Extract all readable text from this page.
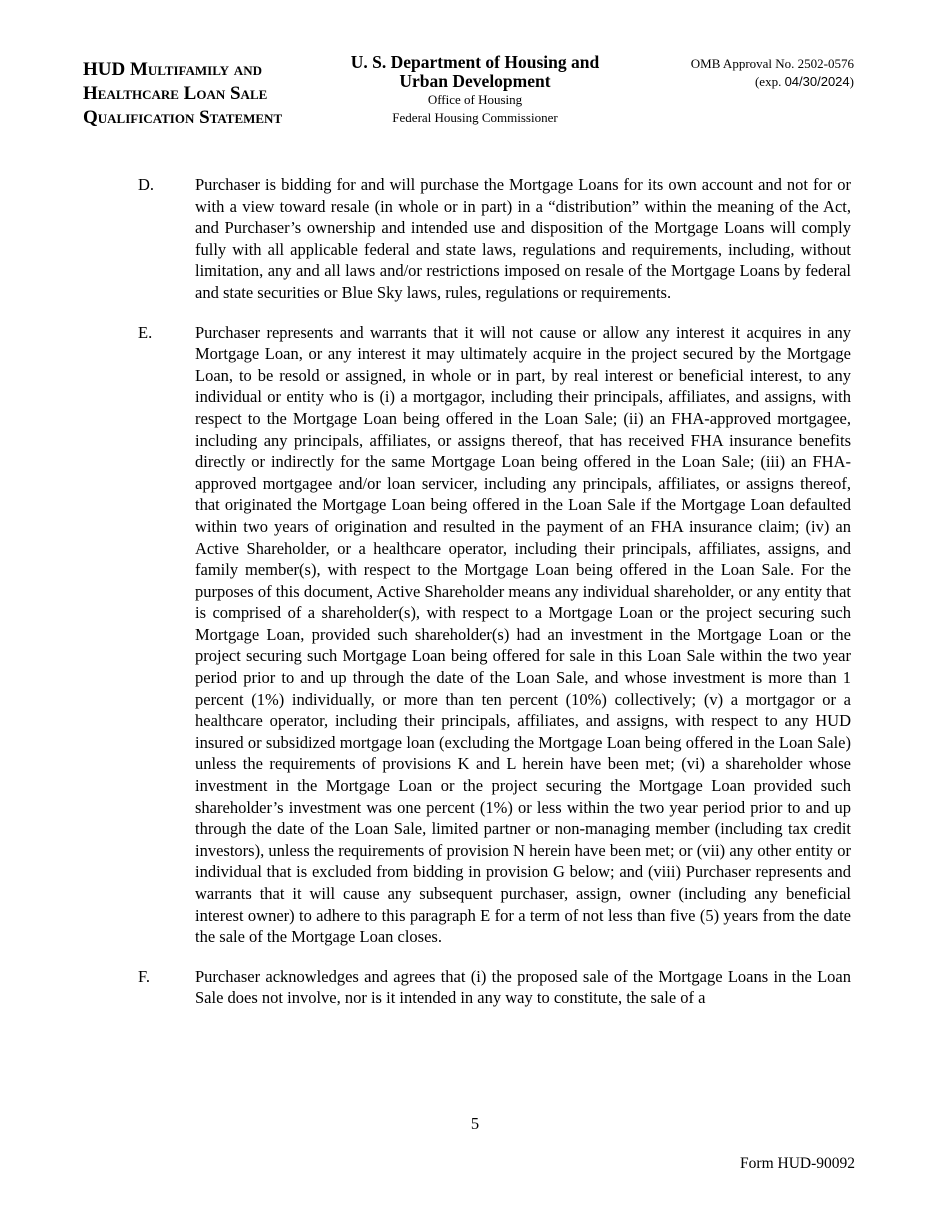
HUD Multifamily and
Healthcare Loan Sale
Qualification Statement
U. S. Department of Housing and
Urban Development
Office of Housing
Federal Housing Commissioner
OMB Approval No. 2502-0576
(exp. 04/30/2024)
D.	Purchaser is bidding for and will purchase the Mortgage Loans for its own account and not for or with a view toward resale (in whole or in part) in a “distribution” within the meaning of the Act, and Purchaser’s ownership and intended use and disposition of the Mortgage Loans will comply fully with all applicable federal and state laws, regulations and requirements, including, without limitation, any and all laws and/or restrictions imposed on resale of the Mortgage Loans by federal and state securities or Blue Sky laws, rules, regulations or requirements.
E.	Purchaser represents and warrants that it will not cause or allow any interest it acquires in any Mortgage Loan, or any interest it may ultimately acquire in the project secured by the Mortgage Loan, to be resold or assigned, in whole or in part, by real interest or beneficial interest, to any individual or entity who is (i) a mortgagor, including their principals, affiliates, and assigns, with respect to the Mortgage Loan being offered in the Loan Sale; (ii) an FHA-approved mortgagee, including any principals, affiliates, or assigns thereof, that has received FHA insurance benefits directly or indirectly for the same Mortgage Loan being offered in the Loan Sale; (iii) an FHA-approved mortgagee and/or loan servicer, including any principals, affiliates, or assigns thereof, that originated the Mortgage Loan being offered in the Loan Sale if the Mortgage Loan defaulted within two years of origination and resulted in the payment of an FHA insurance claim; (iv) an Active Shareholder, or a healthcare operator, including their principals, affiliates, assigns, and family member(s), with respect to the Mortgage Loan being offered in the Loan Sale. For the purposes of this document, Active Shareholder means any individual shareholder, or any entity that is comprised of a shareholder(s), with respect to a Mortgage Loan or the project securing such Mortgage Loan, provided such shareholder(s) had an investment in the Mortgage Loan or the project securing such Mortgage Loan being offered for sale in this Loan Sale within the two year period prior to and up through the date of the Loan Sale, and whose investment is more than 1 percent (1%) individually, or more than ten percent (10%) collectively; (v) a mortgagor or a healthcare operator, including their principals, affiliates, and assigns, with respect to any HUD insured or subsidized mortgage loan (excluding the Mortgage Loan being offered in the Loan Sale) unless the requirements of provisions K and L herein have been met; (vi) a shareholder whose investment in the Mortgage Loan or the project securing the Mortgage Loan provided such shareholder’s investment was one percent (1%) or less within the two year period prior to and up through the date of the Loan Sale, limited partner or non-managing member (including tax credit investors), unless the requirements of provision N herein have been met; or (vii) any other entity or individual that is excluded from bidding in provision G below; and (viii) Purchaser represents and warrants that it will cause any subsequent purchaser, assign, owner (including any beneficial interest owner) to adhere to this paragraph E for a term of not less than five (5) years from the date the sale of the Mortgage Loan closes.
F.	Purchaser acknowledges and agrees that (i) the proposed sale of the Mortgage Loans in the Loan Sale does not involve, nor is it intended in any way to constitute, the sale of a
5
Form HUD-90092
